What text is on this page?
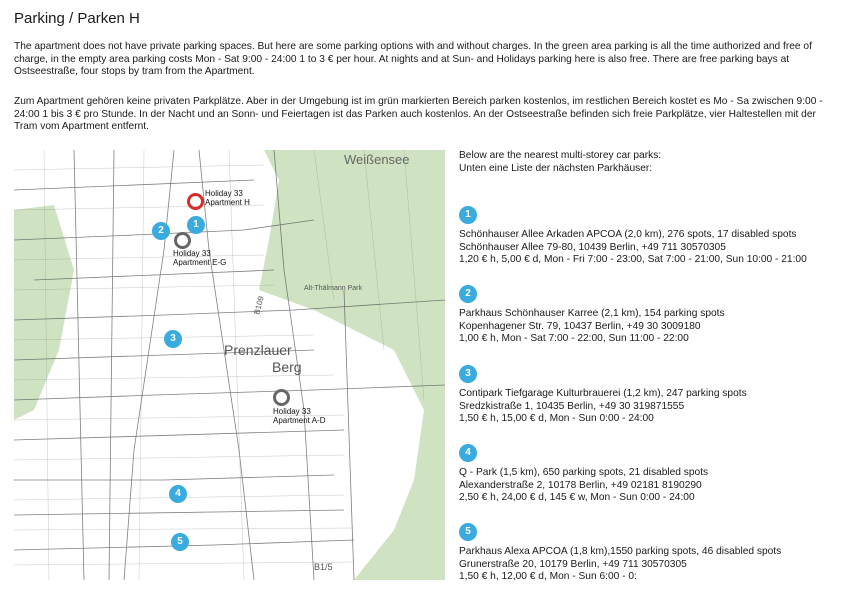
Parking / Parken H
The apartment does not have private parking spaces. But here are some parking options with and without charges. In the green area parking is all the time authorized and free of charge, in the empty area parking costs Mon - Sat 9:00 - 24:00 1 to 3 € per hour. At nights and at Sun- and Holidays parking here is also free. There are free parking bays at Ostseestraße, four stops by tram from the Apartment.
Zum Apartment gehören keine privaten Parkplätze. Aber in der Umgebung ist im grün markierten Bereich parken kostenlos, im restlichen Bereich kostet es Mo - Sa zwischen 9:00 - 24:00 1 bis 3 € pro Stunde. In der Nacht und an Sonn- und Feiertagen ist das Parken auch kostenlos. An der Ostseestraße befinden sich freie Parkplätze, vier Haltestellen mit der Tram vom Apartment entfernt.
Weißensee
Prenzlauer
Berg
B109
B1/5
Alt-Thälmann Park
Holiday 33
Apartment H
Holiday 33
Apartment E-G
Holiday 33
Apartment A-D
1
2
3
4
5
Below are the nearest multi-storey car parks:
Unten eine Liste der nächsten Parkhäuser:
1
Schönhauser Allee Arkaden APCOA (2,0 km), 276 spots, 17 disabled spots
Schönhauser Allee 79-80, 10439 Berlin, +49 711 30570305
1,20 € h, 5,00 € d, Mon - Fri 7:00 - 23:00, Sat 7:00 - 21:00, Sun 10:00 - 21:00
2
Parkhaus Schönhauser Karree (2,1 km), 154 parking spots
Kopenhagener Str. 79, 10437 Berlin, +49 30 3009180
1,00 € h, Mon - Sat 7:00 - 22:00, Sun 11:00 - 22:00
3
Contipark Tiefgarage Kulturbrauerei (1,2 km), 247 parking spots
Sredzkistraße 1, 10435 Berlin, +49 30 319871555
1,50 € h, 15,00 € d, Mon - Sun 0:00 - 24:00
4
Q - Park (1,5 km), 650 parking spots, 21 disabled spots
Alexanderstraße 2, 10178 Berlin, +49 02181 8190290
2,50 € h, 24,00 € d, 145 € w, Mon - Sun 0:00 - 24:00
5
Parkhaus Alexa APCOA (1,8 km),1550 parking spots, 46 disabled spots
Grunerstraße 20, 10179 Berlin, +49 711 30570305
1,50 € h, 12,00 € d, Mon - Sun 6:00 - 0:
